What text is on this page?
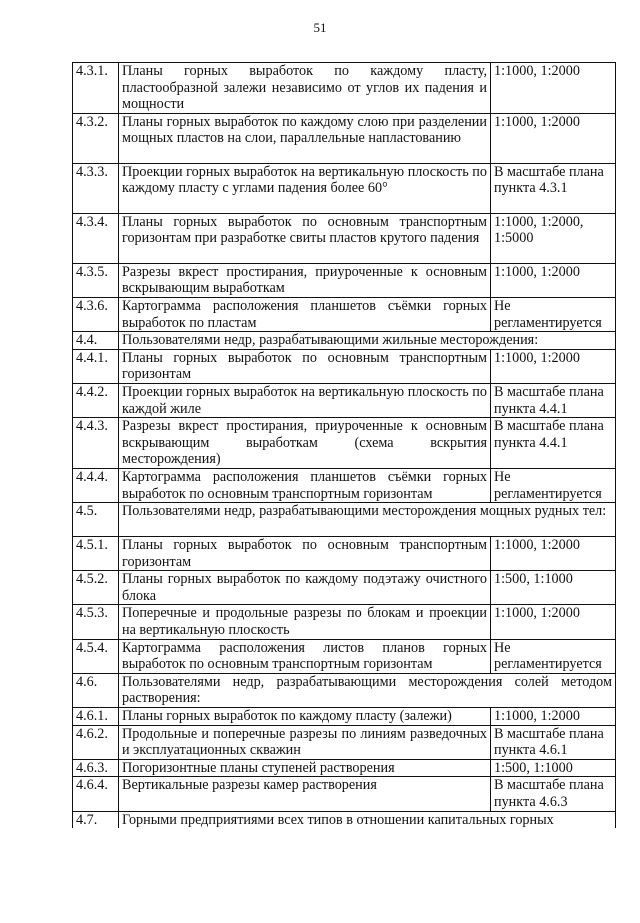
51
4.3.1.	Планы горных выработок по каждому пласту, пластообразной залежи независимо от углов их падения и мощности	1:1000, 1:2000
4.3.2.	Планы горных выработок по каждому слою при разделении мощных пластов на слои, параллельные напластованию	1:1000, 1:2000
4.3.3.	Проекции горных выработок на вертикальную плоскость по каждому пласту с углами падения более 60°	В масштабе плана пункта 4.3.1
4.3.4.	Планы горных выработок по основным транспортным горизонтам при разработке свиты пластов крутого падения	1:1000, 1:2000, 1:5000
4.3.5.	Разрезы вкрест простирания, приуроченные к основным вскрывающим выработкам	1:1000, 1:2000
4.3.6.	Картограмма расположения планшетов съёмки горных выработок по пластам	Не регламентируется
4.4.	Пользователями недр, разрабатывающими жильные месторождения:	
4.4.1.	Планы горных выработок по основным транспортным горизонтам	1:1000, 1:2000
4.4.2.	Проекции горных выработок на вертикальную плоскость по каждой жиле	В масштабе плана пункта 4.4.1
4.4.3.	Разрезы вкрест простирания, приуроченные к основным вскрывающим выработкам (схема вскрытия месторождения)	В масштабе плана пункта 4.4.1
4.4.4.	Картограмма расположения планшетов съёмки горных выработок по основным транспортным горизонтам	Не регламентируется
4.5.	Пользователями недр, разрабатывающими месторождения мощных рудных тел:	
4.5.1.	Планы горных выработок по основным транспортным горизонтам	1:1000, 1:2000
4.5.2.	Планы горных выработок по каждому подэтажу очистного блока	1:500, 1:1000
4.5.3.	Поперечные и продольные разрезы по блокам и проекции на вертикальную плоскость	1:1000, 1:2000
4.5.4.	Картограмма расположения листов планов горных выработок по основным транспортным горизонтам	Не регламентируется
4.6.	Пользователями недр, разрабатывающими месторождения солей методом растворения:	
4.6.1.	Планы горных выработок по каждому пласту (залежи)	1:1000, 1:2000
4.6.2.	Продольные и поперечные разрезы по линиям разведочных и эксплуатационных скважин	В масштабе плана пункта 4.6.1
4.6.3.	Погоризонтные планы ступеней растворения	1:500, 1:1000
4.6.4.	Вертикальные разрезы камер растворения	В масштабе плана пункта 4.6.3
4.7.	Горными предприятиями всех типов в отношении капитальных горных	
